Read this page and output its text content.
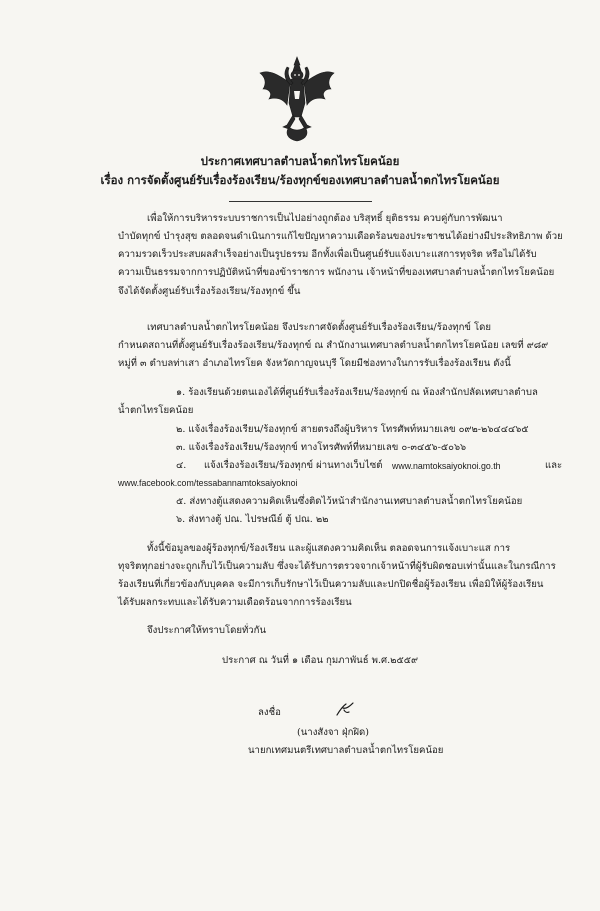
ประกาศเทศบาลตำบลน้ำตกไทรโยคน้อย
เรื่อง การจัดตั้งศูนย์รับเรื่องร้องเรียน/ร้องทุกข์ของเทศบาลตำบลน้ำตกไทรโยคน้อย
เพื่อให้การบริหารระบบราชการเป็นไปอย่างถูกต้อง บริสุทธิ์ ยุติธรรม ควบคู่กับการพัฒนา
บำบัดทุกข์ บำรุงสุข ตลอดจนดำเนินการแก้ไขปัญหาความเดือดร้อนของประชาชนได้อย่างมีประสิทธิภาพ ด้วย
ความรวดเร็วประสบผลสำเร็จอย่างเป็นรูปธรรม อีกทั้งเพื่อเป็นศูนย์รับแจ้งเบาะแสการทุจริต หรือไม่ได้รับ
ความเป็นธรรมจากการปฏิบัติหน้าที่ของข้าราชการ พนักงาน เจ้าหน้าที่ของเทศบาลตำบลน้ำตกไทรโยคน้อย
จึงได้จัดตั้งศูนย์รับเรื่องร้องเรียน/ร้องทุกข์ ขึ้น
เทศบาลตำบลน้ำตกไทรโยคน้อย จึงประกาศจัดตั้งศูนย์รับเรื่องร้องเรียน/ร้องทุกข์ โดย
กำหนดสถานที่ตั้งศูนย์รับเรื่องร้องเรียน/ร้องทุกข์ ณ สำนักงานเทศบาลตำบลน้ำตกไทรโยคน้อย เลขที่ ๙๘๙
หมู่ที่ ๓ ตำบลท่าเสา อำเภอไทรโยค จังหวัดกาญจนบุรี โดยมีช่องทางในการรับเรื่องร้องเรียน ดังนี้
๑. ร้องเรียนด้วยตนเองได้ที่ศูนย์รับเรื่องร้องเรียน/ร้องทุกข์ ณ ห้องสำนักปลัดเทศบาลตำบล
น้ำตกไทรโยคน้อย
๒. แจ้งเรื่องร้องเรียน/ร้องทุกข์ สายตรงถึงผู้บริหาร โทรศัพท์หมายเลข ๐๙๒-๒๖๔๔๔๖๕
๓. แจ้งเรื่องร้องเรียน/ร้องทุกข์ ทางโทรศัพท์ที่หมายเลข ๐-๓๔๕๖-๕๐๖๖
๔. แจ้งเรื่องร้องเรียน/ร้องทุกข์ ผ่านทางเว็บไซต์ www.namtoksaiyoknoi.go.th	และ
www.facebook.com/tessabannamtoksaiyoknoi
๕. ส่งทางตู้แสดงความคิดเห็นซึ่งติดไว้หน้าสำนักงานเทศบาลตำบลน้ำตกไทรโยคน้อย
๖. ส่งทางตู้ ปณ. ไปรษณีย์ ตู้ ปณ. ๒๒
ทั้งนี้ข้อมูลของผู้ร้องทุกข์/ร้องเรียน และผู้แสดงความคิดเห็น ตลอดจนการแจ้งเบาะแส การ
ทุจริตทุกอย่างจะถูกเก็บไว้เป็นความลับ ซึ่งจะได้รับการตรวจจากเจ้าหน้าที่ผู้รับผิดชอบเท่านั้นและในกรณีการ
ร้องเรียนที่เกี่ยวข้องกับบุคคล จะมีการเก็บรักษาไว้เป็นความลับและปกปิดชื่อผู้ร้องเรียน เพื่อมิให้ผู้ร้องเรียน
ได้รับผลกระทบและได้รับความเดือดร้อนจากการร้องเรียน
จึงประกาศให้ทราบโดยทั่วกัน
ประกาศ ณ วันที่ ๑ เดือน กุมภาพันธ์ พ.ศ.๒๕๕๙
ลงชื่อ
(นางสังจา ฝุ่กฝิด)
นายกเทศมนตรีเทศบาลตำบลน้ำตกไทรโยคน้อย
